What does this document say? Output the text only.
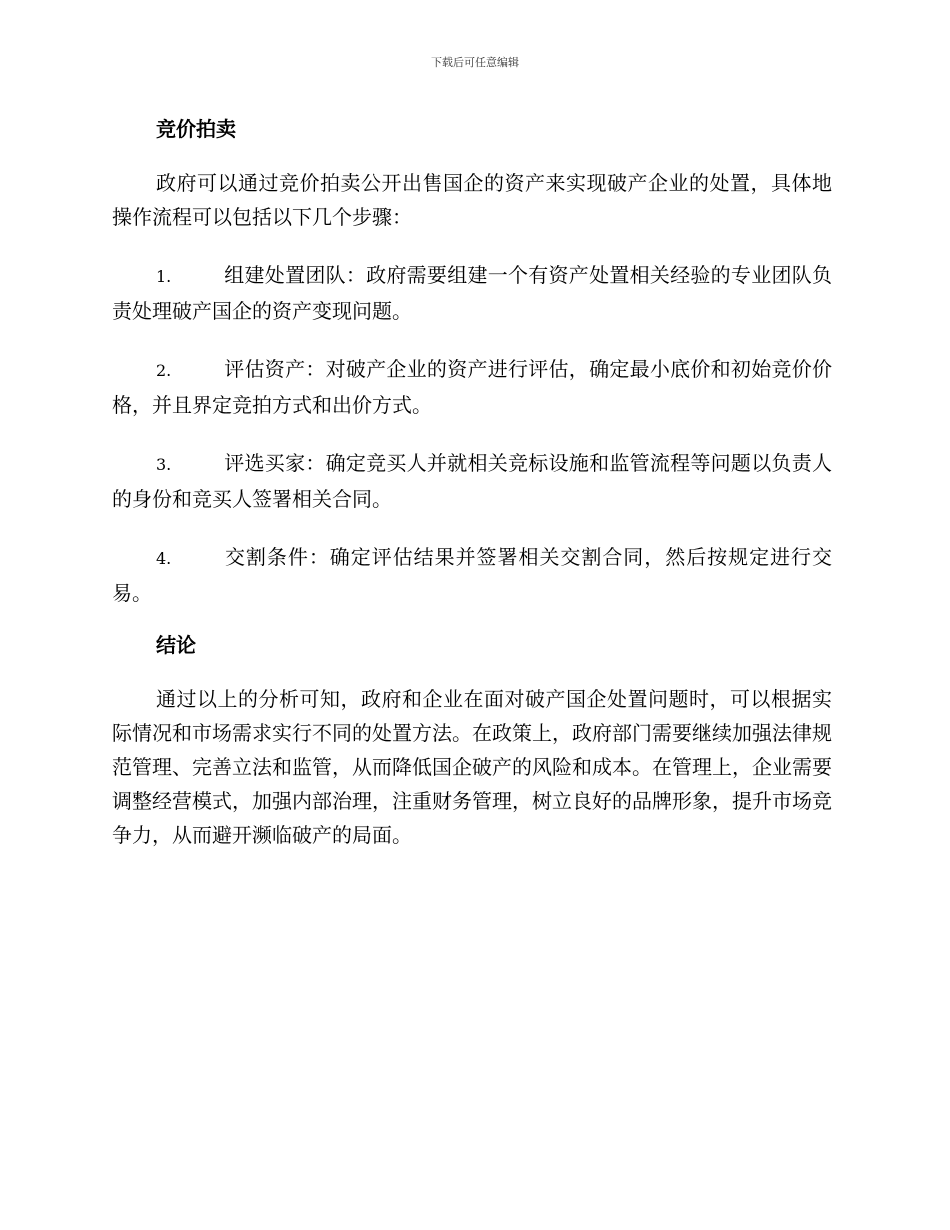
下载后可任意编辑
竞价拍卖

政府可以通过竞价拍卖公开出售国企的资产来实现破产企业的处置，具体地操作流程可以包括以下几个步骤：

1.	组建处置团队：政府需要组建一个有资产处置相关经验的专业团队负责处理破产国企的资产变现问题。

2.	评估资产：对破产企业的资产进行评估，确定最小底价和初始竞价价格，并且界定竞拍方式和出价方式。

3.	评选买家：确定竞买人并就相关竞标设施和监管流程等问题以负责人的身份和竞买人签署相关合同。

4.	交割条件：确定评估结果并签署相关交割合同，然后按规定进行交易。

结论

通过以上的分析可知，政府和企业在面对破产国企处置问题时，可以根据实际情况和市场需求实行不同的处置方法。在政策上，政府部门需要继续加强法律规范管理、完善立法和监管，从而降低国企破产的风险和成本。在管理上，企业需要调整经营模式，加强内部治理，注重财务管理，树立良好的品牌形象，提升市场竞争力，从而避开濒临破产的局面。
